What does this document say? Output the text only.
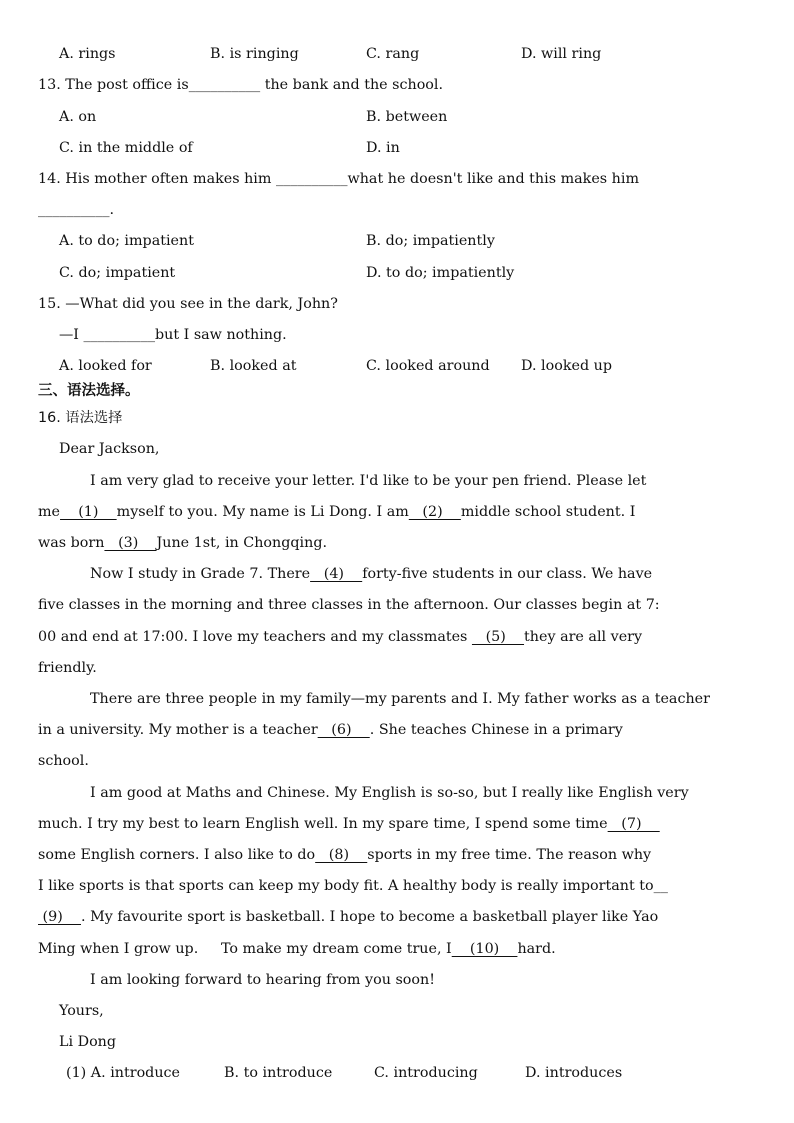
A. rings	B. is ringing	C. rang	D. will ring
13. The post office is__________ the bank and the school.
A. on	B. between
C. in the middle of	D. in
14. His mother often makes him __________what he doesn't like and this makes him
__________.
A. to do; impatient	B. do; impatiently
C. do; impatient	D. to do; impatiently
15. —What did you see in the dark, John?
—I __________but I saw nothing.
A. looked for	B. looked at	C. looked around D. looked up
三、语法选择。
16. 语法选择
Dear Jackson,
I am very glad to receive your letter. I'd like to be your pen friend. Please let
me    (1)    myself to you. My name is Li Dong. I am   (2)    middle school student. I
was born   (3)    June 1st, in Chongqing.
Now I study in Grade 7. There   (4)    forty-five students in our class. We have
five classes in the morning and three classes in the afternoon. Our classes begin at 7:
00 and end at 17:00. I love my teachers and my classmates    (5)    they are all very
friendly.
There are three people in my family—my parents and I. My father works as a teacher
in a university. My mother is a teacher   (6)    . She teaches Chinese in a primary
school.
I am good at Maths and Chinese. My English is so-so, but I really like English very
much. I try my best to learn English well. In my spare time, I spend some time   (7)
some English corners. I also like to do   (8)    sports in my free time. The reason why
I like sports is that sports can keep my body fit. A healthy body is really important to__
(9)    . My favourite sport is basketball. I hope to become a basketball player like Yao
Ming when I grow up.     To make my dream come true, I    (10)    hard.
I am looking forward to hearing from you soon!
Yours,
Li Dong
(1) A. introduce	B. to introduce	C. introducing	D. introduces
